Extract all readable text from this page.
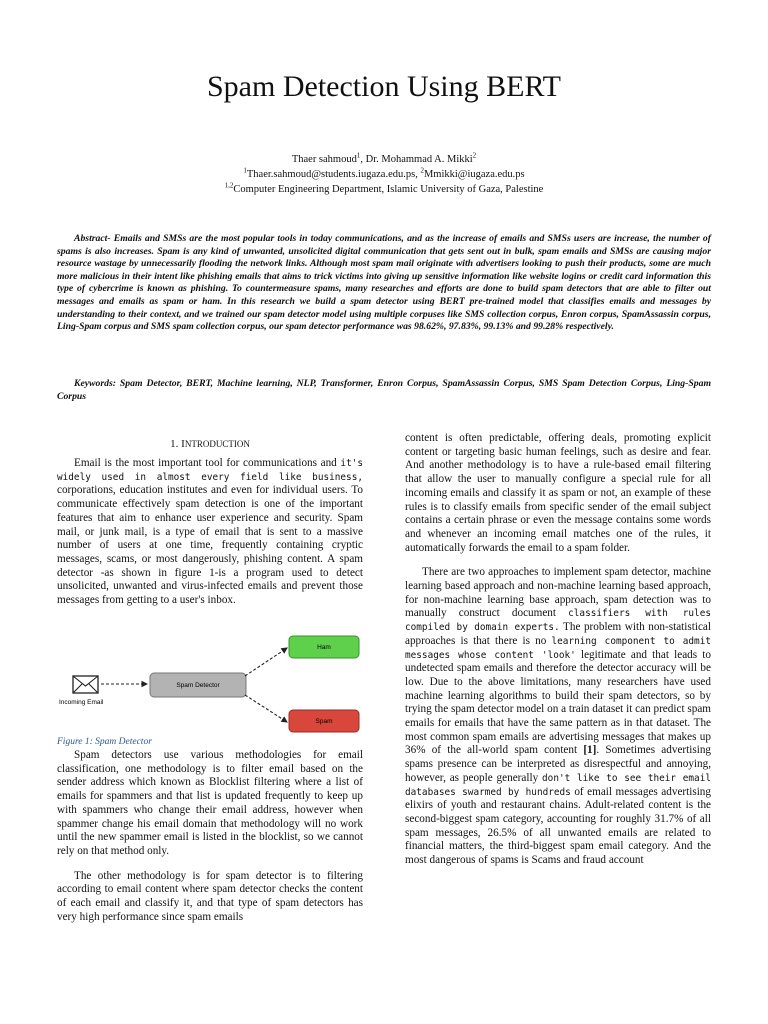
Spam Detection Using BERT
Thaer sahmoud$^1$, Dr. Mohammad A. Mikki$^2$
$^1$Thaer.sahmoud@students.iugaza.edu.ps, $^2$Mmikki@iugaza.edu.ps
$^{1,2}$Computer Engineering Department, Islamic University of Gaza, Palestine

Abstract- Emails and SMSs are the most popular tools in today communications, and as the increase of emails and SMSs users are increase, the number of spams is also increases. Spam is any kind of unwanted, unsolicited digital communication that gets sent out in bulk, spam emails and SMSs are causing major resource wastage by unnecessarily flooding the network links. Although most spam mail originate with advertisers looking to push their products, some are much more malicious in their intent like phishing emails that aims to trick victims into giving up sensitive information like website logins or credit card information this type of cybercrime is known as phishing. To countermeasure spams, many researches and efforts are done to build spam detectors that are able to filter out messages and emails as spam or ham. In this research we build a spam detector using BERT pre-trained model that classifies emails and messages by understanding to their context, and we trained our spam detector model using multiple corpuses like SMS collection corpus, Enron corpus, SpamAssassin corpus, Ling-Spam corpus and SMS spam collection corpus, our spam detector performance was 98.62%, 97.83%, 99.13% and 99.28% respectively.

Keywords: Spam Detector, BERT, Machine learning, NLP, Transformer, Enron Corpus, SpamAssassin Corpus, SMS Spam Detection Corpus, Ling-Spam Corpus

1. INTRODUCTION

Email is the most important tool for communications and it's widely used in almost every field like business, corporations, education institutes and even for individual users. To communicate effectively spam detection is one of the important features that aim to enhance user experience and security. Spam mail, or junk mail, is a type of email that is sent to a massive number of users at one time, frequently containing cryptic messages, scams, or most dangerously, phishing content. A spam detector -as shown in figure 1-is a program used to detect unsolicited, unwanted and virus-infected emails and prevent those messages from getting to a user's inbox.

Incoming Email
Spam Detector
Ham
Spam
Figure 1: Spam Detector

Spam detectors use various methodologies for email classification, one methodology is to filter email based on the sender address which known as Blocklist filtering where a list of emails for spammers and that list is updated frequently to keep up with spammers who change their email address, however when spammer change his email domain that methodology will no work until the new spammer email is listed in the blocklist, so we cannot rely on that method only.

The other methodology is for spam detector is to filtering according to email content where spam detector checks the content of each email and classify it, and that type of spam detectors has very high performance since spam emails

content is often predictable, offering deals, promoting explicit content or targeting basic human feelings, such as desire and fear. And another methodology is to have a rule-based email filtering that allow the user to manually configure a special rule for all incoming emails and classify it as spam or not, an example of these rules is to classify emails from specific sender of the email subject contains a certain phrase or even the message contains some words and whenever an incoming email matches one of the rules, it automatically forwards the email to a spam folder.

There are two approaches to implement spam detector, machine learning based approach and non-machine learning based approach, for non-machine learning base approach, spam detection was to manually construct document classifiers with rules compiled by domain experts. The problem with non-statistical approaches is that there is no learning component to admit messages whose content 'look' legitimate and that leads to undetected spam emails and therefore the detector accuracy will be low. Due to the above limitations, many researchers have used machine learning algorithms to build their spam detectors, so by trying the spam detector model on a train dataset it can predict spam emails for emails that have the same pattern as in that dataset. The most common spam emails are advertising messages that makes up 36% of the all-world spam content [1]. Sometimes advertising spams presence can be interpreted as disrespectful and annoying, however, as people generally don't like to see their email databases swarmed by hundreds of email messages advertising elixirs of youth and restaurant chains. Adult-related content is the second-biggest spam category, accounting for roughly 31.7% of all spam messages, 26.5% of all unwanted emails are related to financial matters, the third-biggest spam email category. And the most dangerous of spams is Scams and fraud account
